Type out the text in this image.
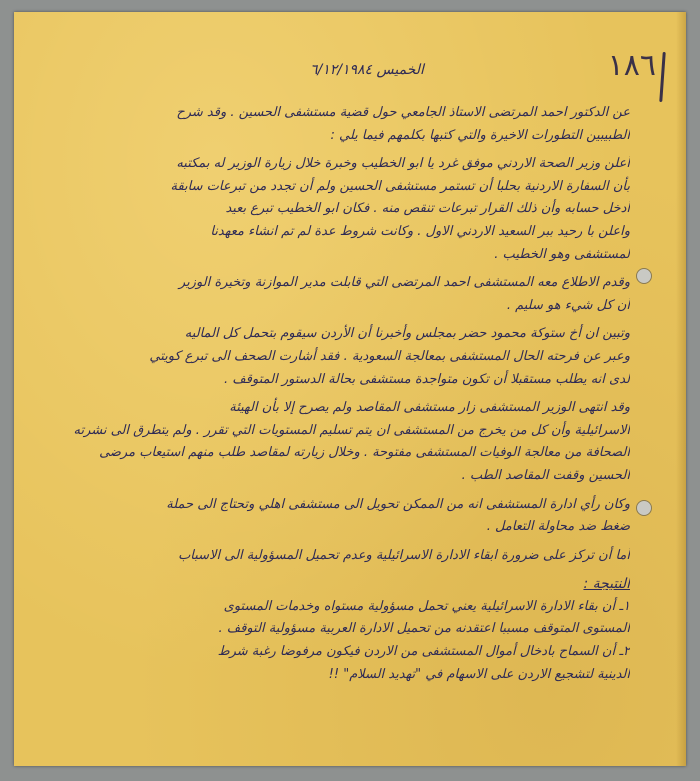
١٨٦
الخميس ٦/١٢/١٩٨٤
عن الدكتور احمد المرتضى الاستاذ الجامعي حول قضية مستشفى الحسين . وقد شرح
الطبيبين التطورات الاخيرة والتي كتبها بكلمهم فيما يلي :
أعلن وزير الصحة الاردني موفق غرد يا ابو الخطيب وخبرة خلال زيارة الوزير له بمكتبه
بأن السفارة الاردنية بحلبا أن تستمر مستشفى الحسين ولم أن تجدد من تبرعات سابقة
أدخل حسابه وأن ذلك القرار تبرعات تنقص منه . فكان ابو الخطيب تبرع بعيد
واعلن با رحيد ببر السعيد الاردني الاول . وكانت شروط عدة لم تم انشاء معهدنا
لمستشفى وهو الخطيب .
وقدم الاطلاع معه المستشفى احمد المرتضى التي قابلت مدير الموازنة وتخيرة الوزير
أن كل شيء هو سليم .
وتبين ان أخ ستوكة محمود حضر بمجلس وأخبرنا أن الأردن سيقوم بتحمل كل الماليه
وعبر عن فرحته الحال المستشفى بمعالجة السعودية . فقد أشارت الصحف الى تبرع كويتي
لدى انه يطلب مستقبلا أن تكون متواجدة مستشفى بحالة الدستور المتوقف .
وقد انتهى الوزير المستشفى زار مستشفى المقاصد ولم يصرح إلا بأن الهيئة
الاسرائيلية وأن كل من يخرج من المستشفى ان يتم تسليم المستويات التي تقرر . ولم يتطرق الى نشرته
الصحافة من معالجة الوفيات المستشفى مفتوحة . وخلال زيارته لمقاصد طلب منهم استيعاب مرضى
الحسين وقفت المقاصد الطب .
وكان رأي ادارة المستشفى انه من الممكن تحويل الى مستشفى اهلي وتحتاج الى حملة
ضغط ضد محاولة التعامل .
أما أن تركز على ضرورة ابقاء الادارة الاسرائيلية وعدم تحميل المسؤولية الى الاسباب
النتيجة :
١ـ أن بقاء الادارة الاسرائيلية يعني تحمل مسؤولية مستواه وخدمات المستوى
المستوى المتوقف مسببا اعتقدنه من تحميل الادارة العربية مسؤولية التوقف .
٢ـ أن السماح بادخال أموال المستشفى من الاردن فيكون مرفوضا رغبة شرط
الدينية لتشجيع الاردن على الاسهام في "تهديد السلام" !!
